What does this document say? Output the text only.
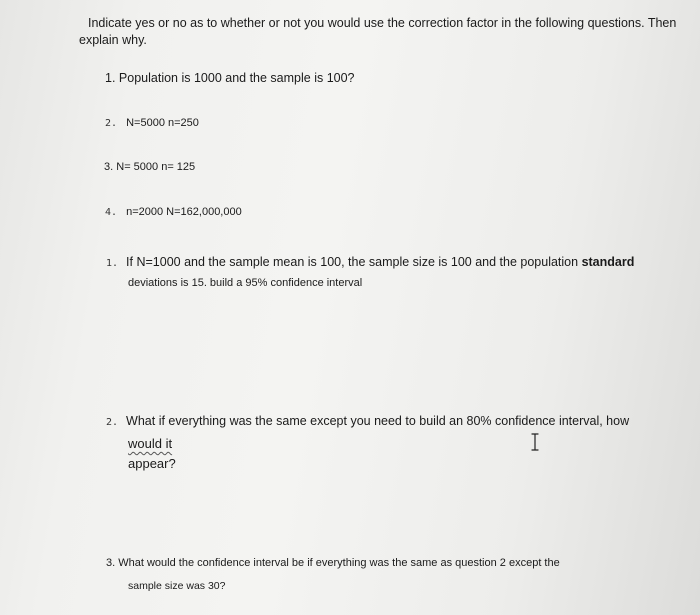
Indicate yes or no as to whether or not you would use the correction factor in the following questions. Then

explain why.

1. Population is 1000 and the sample is 100?

2. N=5000 n=250

3. N= 5000 n= 125

4. n=2000 N=162,000,000

1. If N=1000 and the sample mean is 100, the sample size is 100 and the population standard

deviations is 15. build a 95% confidence interval

2. What if everything was the same except you need to build an 80% confidence interval, how

would it

appear?

3. What would the confidence interval be if everything was the same as question 2 except the

sample size was 30?
